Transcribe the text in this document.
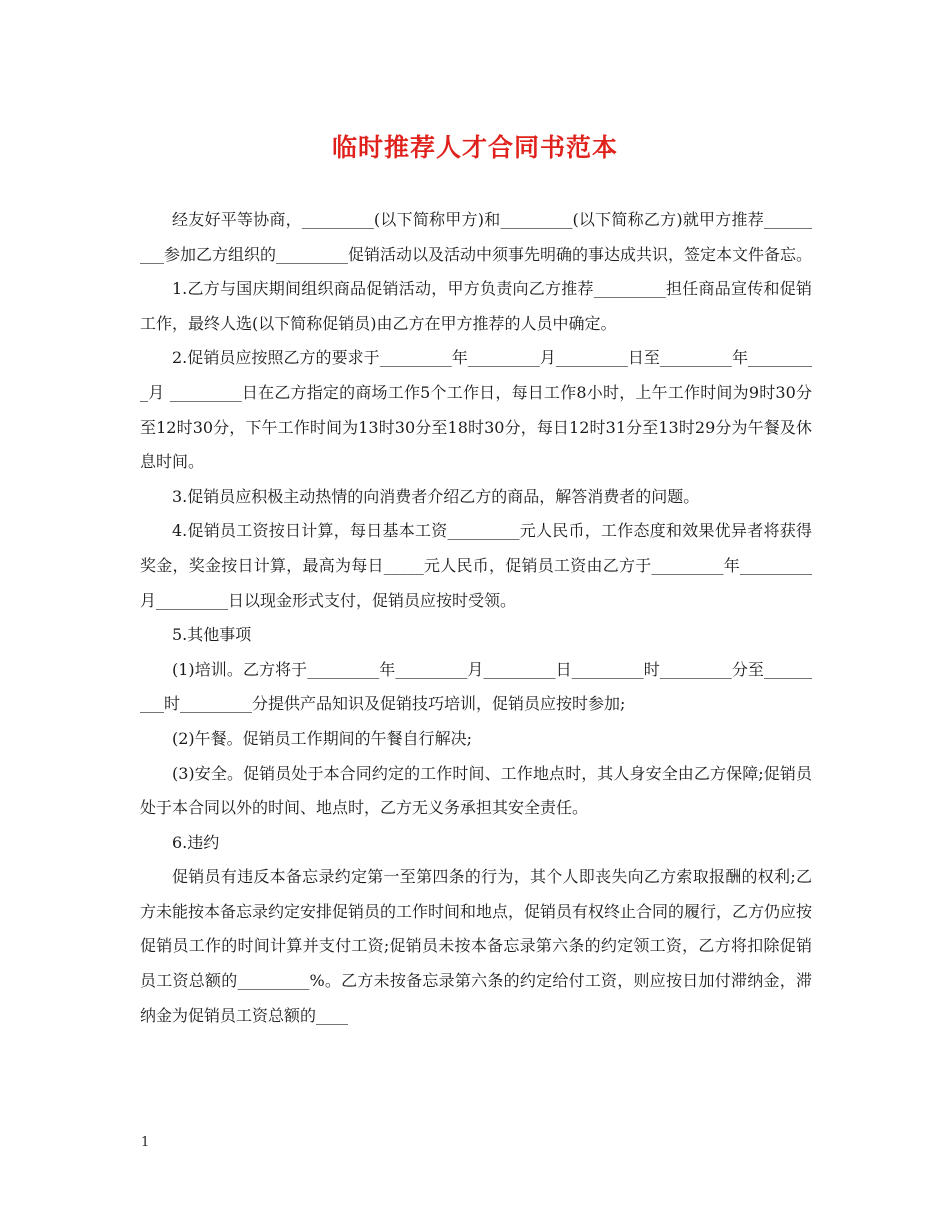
临时推荐人才合同书范本

经友好平等协商，_________(以下简称甲方)和_________(以下简称乙方)就甲方推荐_________参加乙方组织的_________促销活动以及活动中须事先明确的事达成共识，签定本文件备忘。

1.乙方与国庆期间组织商品促销活动，甲方负责向乙方推荐_________担任商品宣传和促销工作，最终人选(以下简称促销员)由乙方在甲方推荐的人员中确定。

2.促销员应按照乙方的要求于_________年_________月_________日至_________年_________月 _________日在乙方指定的商场工作5个工作日，每日工作8小时，上午工作时间为9时30分至12时30分，下午工作时间为13时30分至18时30分，每日12时31分至13时29分为午餐及休息时间。

3.促销员应积极主动热情的向消费者介绍乙方的商品，解答消费者的问题。

4.促销员工资按日计算，每日基本工资_________元人民币，工作态度和效果优异者将获得奖金，奖金按日计算，最高为每日_____元人民币，促销员工资由乙方于_________年_________月_________日以现金形式支付，促销员应按时受领。

5.其他事项

(1)培训。乙方将于_________年_________月_________日_________时_________分至_________时_________分提供产品知识及促销技巧培训，促销员应按时参加;

(2)午餐。促销员工作期间的午餐自行解决;

(3)安全。促销员处于本合同约定的工作时间、工作地点时，其人身安全由乙方保障;促销员处于本合同以外的时间、地点时，乙方无义务承担其安全责任。

6.违约

促销员有违反本备忘录约定第一至第四条的行为，其个人即丧失向乙方索取报酬的权利;乙方未能按本备忘录约定安排促销员的工作时间和地点，促销员有权终止合同的履行，乙方仍应按促销员工作的时间计算并支付工资;促销员未按本备忘录第六条的约定领工资，乙方将扣除促销员工资总额的_________%。乙方未按备忘录第六条的约定给付工资，则应按日加付滞纳金，滞纳金为促销员工资总额的____

1
